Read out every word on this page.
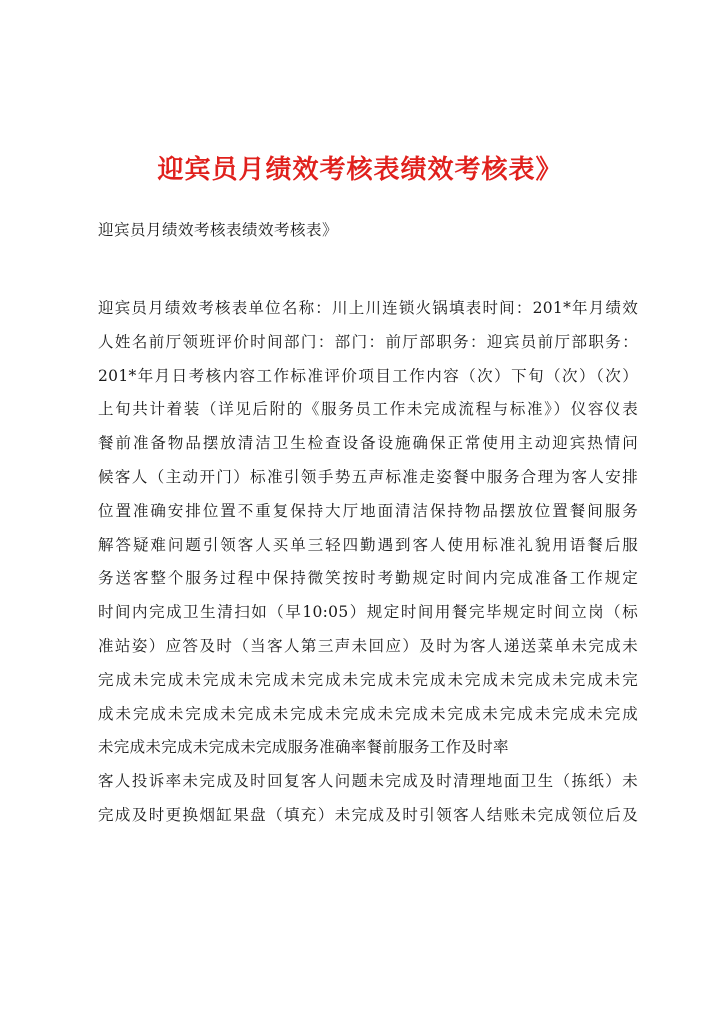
迎宾员月绩效考核表绩效考核表》

迎宾员月绩效考核表绩效考核表》

迎宾员月绩效考核表单位名称：川上川连锁火锅填表时间：201*年月绩效

人姓名前厅领班评价时间部门：部门：前厅部职务：迎宾员前厅部职务：

201*年月日考核内容工作标准评价项目工作内容（次）下旬（次）（次）

上旬共计着装（详见后附的《服务员工作未完成流程与标准》）仪容仪表

餐前准备物品摆放清洁卫生检查设备设施确保正常使用主动迎宾热情问

候客人（主动开门）标准引领手势五声标准走姿餐中服务合理为客人安排

位置准确安排位置不重复保持大厅地面清洁保持物品摆放位置餐间服务

解答疑难问题引领客人买单三轻四勤遇到客人使用标准礼貌用语餐后服

务送客整个服务过程中保持微笑按时考勤规定时间内完成准备工作规定

时间内完成卫生清扫如（早10:05）规定时间用餐完毕规定时间立岗（标

准站姿）应答及时（当客人第三声未回应）及时为客人递送菜单未完成未

完成未完成未完成未完成未完成未完成未完成未完成未完成未完成未完

成未完成未完成未完成未完成未完成未完成未完成未完成未完成未完成

未完成未完成未完成未完成服务准确率餐前服务工作及时率

客人投诉率未完成及时回复客人问题未完成及时清理地面卫生（拣纸）未

完成及时更换烟缸果盘（填充）未完成及时引领客人结账未完成领位后及
